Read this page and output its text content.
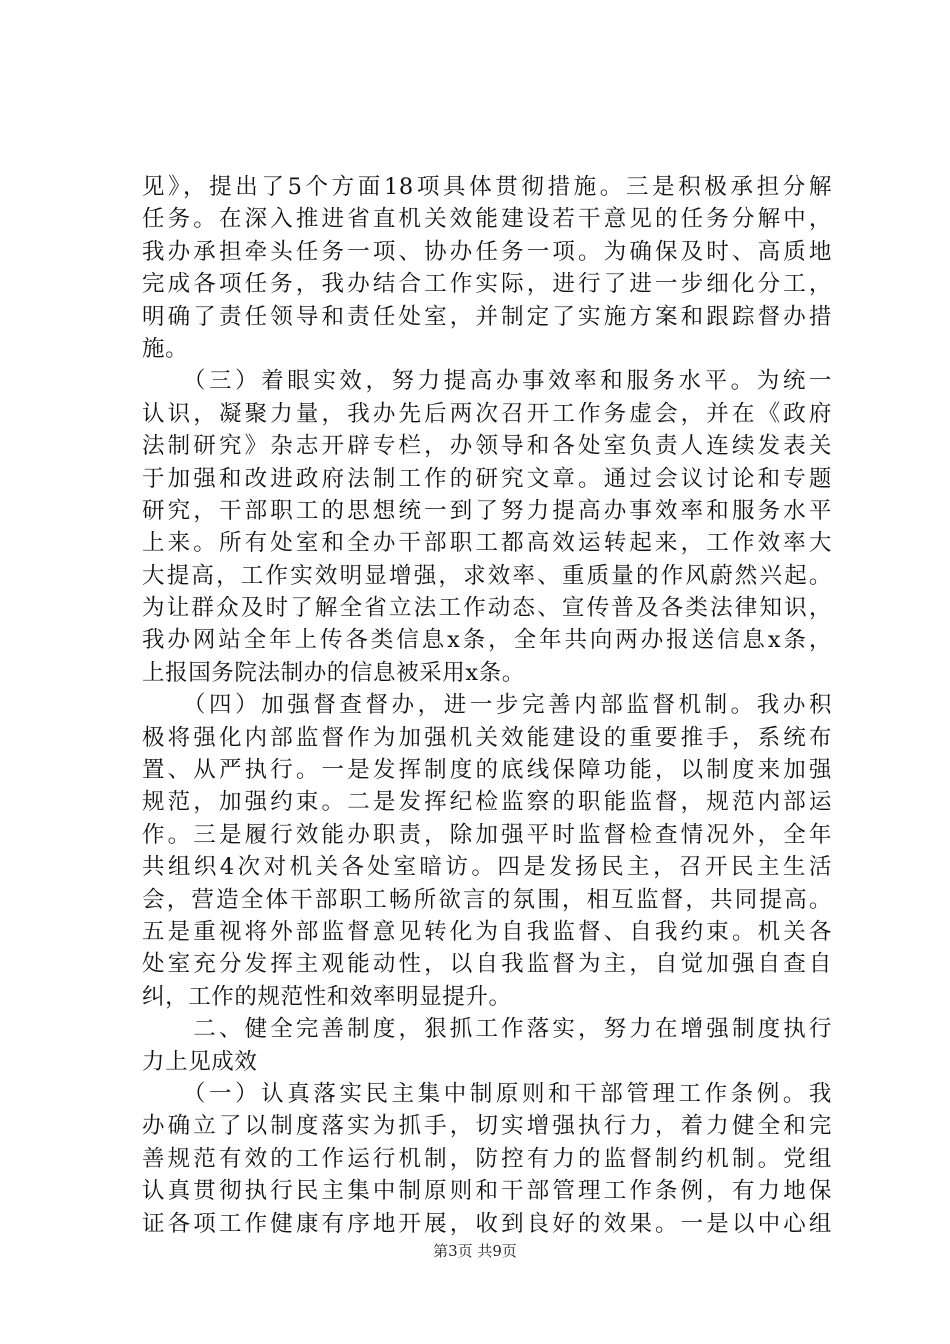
见》，提出了5个方面18项具体贯彻措施。三是积极承担分解
任务。在深入推进省直机关效能建设若干意见的任务分解中，
我办承担牵头任务一项、协办任务一项。为确保及时、高质地
完成各项任务，我办结合工作实际，进行了进一步细化分工，
明确了责任领导和责任处室，并制定了实施方案和跟踪督办措
施。
　　（三）着眼实效，努力提高办事效率和服务水平。为统一
认识，凝聚力量，我办先后两次召开工作务虚会，并在《政府
法制研究》杂志开辟专栏，办领导和各处室负责人连续发表关
于加强和改进政府法制工作的研究文章。通过会议讨论和专题
研究，干部职工的思想统一到了努力提高办事效率和服务水平
上来。所有处室和全办干部职工都高效运转起来，工作效率大
大提高，工作实效明显增强，求效率、重质量的作风蔚然兴起。
为让群众及时了解全省立法工作动态、宣传普及各类法律知识，
我办网站全年上传各类信息x条，全年共向两办报送信息x条，
上报国务院法制办的信息被采用x条。
　　（四）加强督查督办，进一步完善内部监督机制。我办积
极将强化内部监督作为加强机关效能建设的重要推手，系统布
置、从严执行。一是发挥制度的底线保障功能，以制度来加强
规范，加强约束。二是发挥纪检监察的职能监督，规范内部运
作。三是履行效能办职责，除加强平时监督检查情况外，全年
共组织4次对机关各处室暗访。四是发扬民主，召开民主生活
会，营造全体干部职工畅所欲言的氛围，相互监督，共同提高。
五是重视将外部监督意见转化为自我监督、自我约束。机关各
处室充分发挥主观能动性，以自我监督为主，自觉加强自查自
纠，工作的规范性和效率明显提升。
　　二、健全完善制度，狠抓工作落实，努力在增强制度执行
力上见成效
　　（一）认真落实民主集中制原则和干部管理工作条例。我
办确立了以制度落实为抓手，切实增强执行力，着力健全和完
善规范有效的工作运行机制，防控有力的监督制约机制。党组
认真贯彻执行民主集中制原则和干部管理工作条例，有力地保
证各项工作健康有序地开展，收到良好的效果。一是以中心组
第3页 共9页
